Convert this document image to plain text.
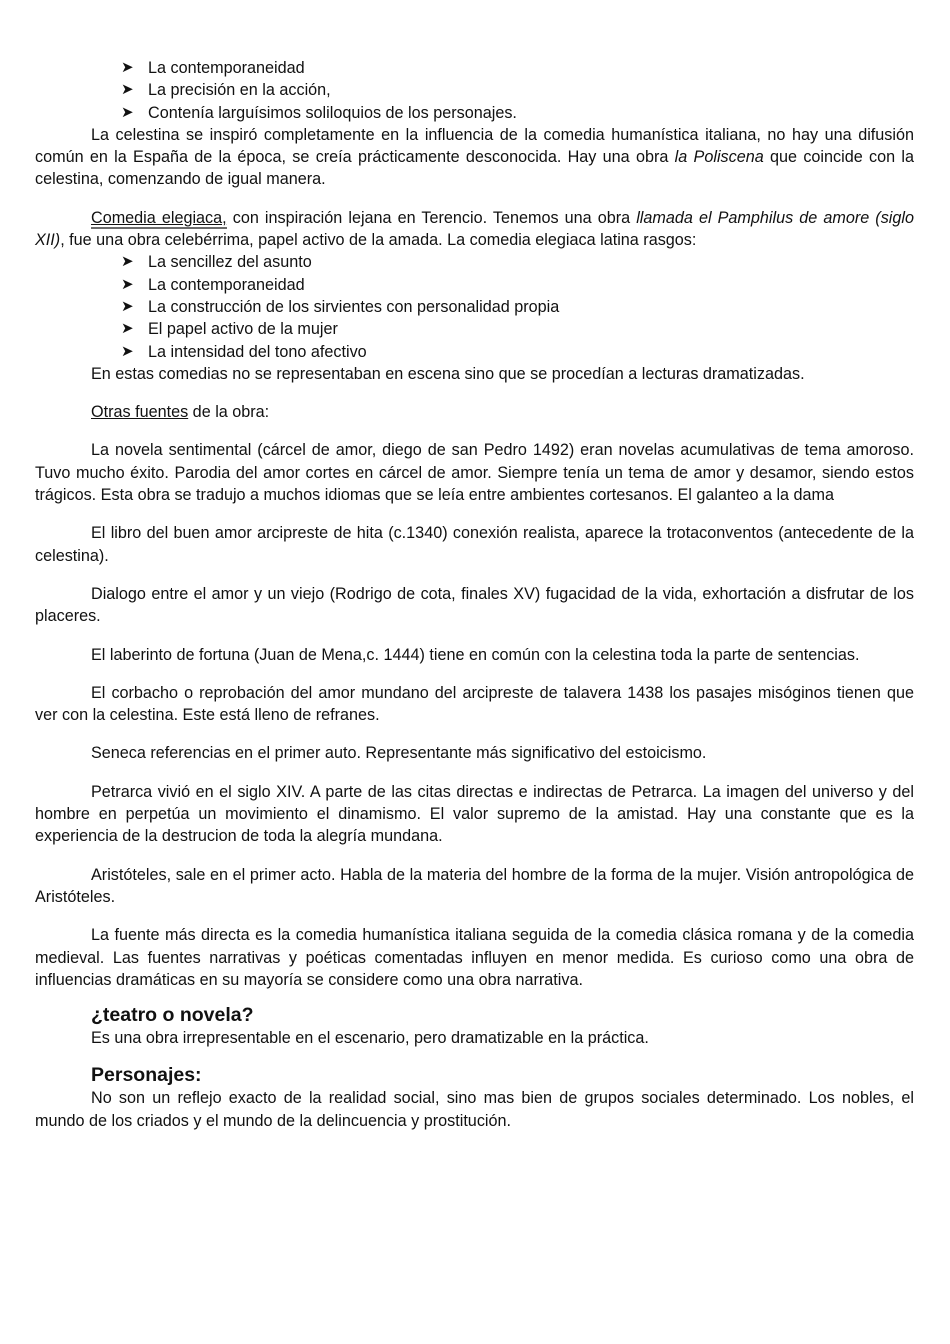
➤ La contemporaneidad
➤ La precisión en la acción,
➤ Contenía larguísimos soliloquios de los personajes.

La celestina se inspiró completamente en la influencia de la comedia humanística italiana, no hay una difusión común en la España de la época, se creía prácticamente desconocida. Hay una obra la Poliscena que coincide con la celestina, comenzando de igual manera.

Comedia elegiaca, con inspiración lejana en Terencio. Tenemos una obra llamada el Pamphilus de amore (siglo XII), fue una obra celebérrima, papel activo de la amada. La comedia elegiaca latina rasgos:

➤ La sencillez del asunto
➤ La contemporaneidad
➤ La construcción de los sirvientes con personalidad propia
➤ El papel activo de la mujer
➤ La intensidad del tono afectivo

En estas comedias no se representaban en escena sino que se procedían a lecturas dramatizadas.

Otras fuentes de la obra:

La novela sentimental (cárcel de amor, diego de san Pedro 1492) eran novelas acumulativas de tema amoroso. Tuvo mucho éxito. Parodia del amor cortes en cárcel de amor. Siempre tenía un tema de amor y desamor, siendo estos trágicos. Esta obra se tradujo a muchos idiomas que se leía entre ambientes cortesanos. El galanteo a la dama

El libro del buen amor arcipreste de hita (c.1340) conexión realista, aparece la trotaconventos (antecedente de la celestina).

Dialogo entre el amor y un viejo (Rodrigo de cota, finales XV) fugacidad de la vida, exhortación a disfrutar de los placeres.

El laberinto de fortuna (Juan de Mena,c. 1444) tiene en común con la celestina toda la parte de sentencias.

El corbacho o reprobación del amor mundano del arcipreste de talavera 1438 los pasajes misóginos tienen que ver con la celestina. Este está lleno de refranes.

Seneca referencias en el primer auto. Representante más significativo del estoicismo.

Petrarca vivió en el siglo XIV. A parte de las citas directas e indirectas de Petrarca. La imagen del universo y del hombre en perpetúa un movimiento el dinamismo. El valor supremo de la amistad. Hay una constante que es la experiencia de la destrucion de toda la alegría mundana.

Aristóteles, sale en el primer acto. Habla de la materia del hombre de la forma de la mujer. Visión antropológica de Aristóteles.

La fuente más directa es la comedia humanística italiana seguida de la comedia clásica romana y de la comedia medieval. Las fuentes narrativas y poéticas comentadas influyen en menor medida. Es curioso como una obra de influencias dramáticas en su mayoría se considere como una obra narrativa.

¿teatro o novela?

Es una obra irrepresentable en el escenario, pero dramatizable en la práctica.

Personajes:

No son un reflejo exacto de la realidad social, sino mas bien de grupos sociales determinado. Los nobles, el mundo de los criados y el mundo de la delincuencia y prostitución.
